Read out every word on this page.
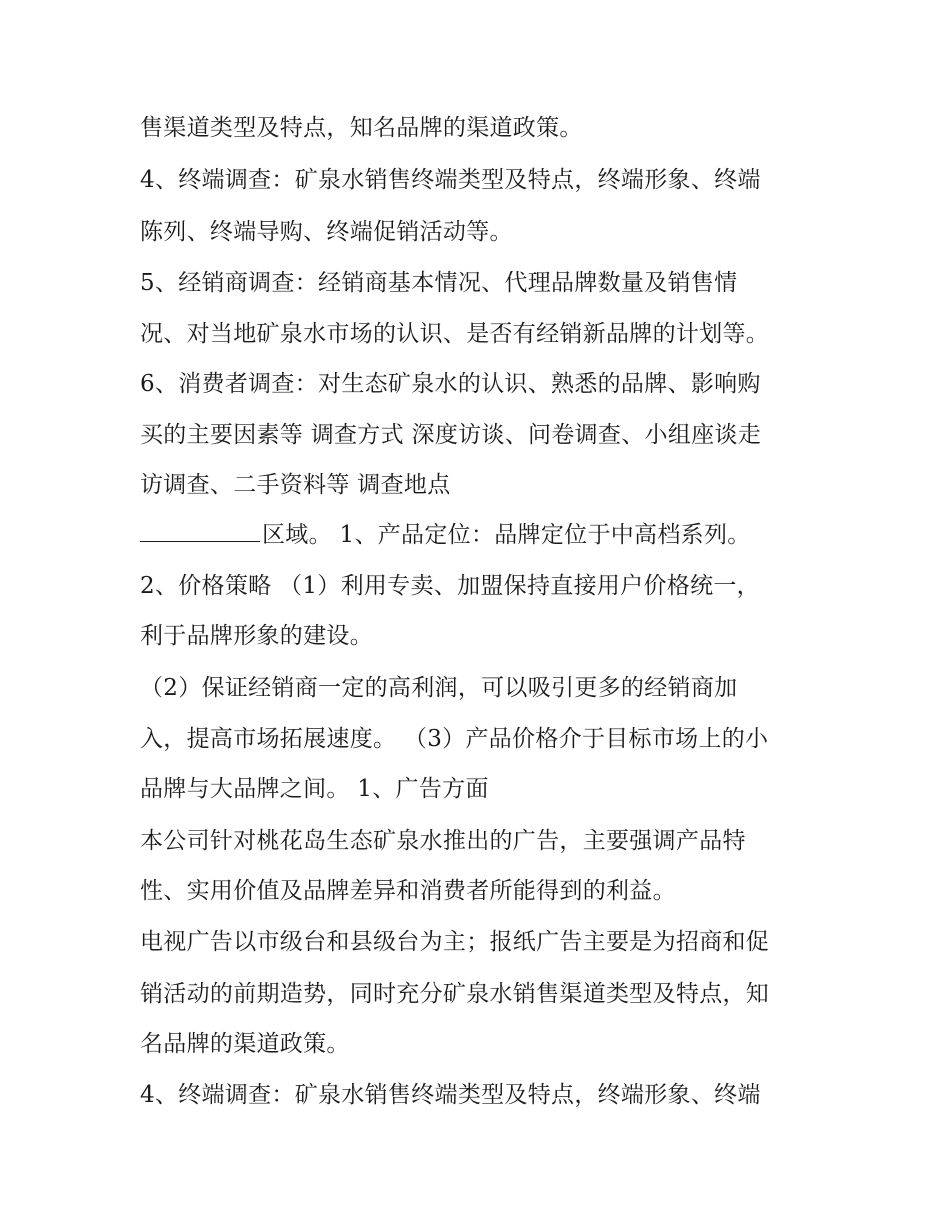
售渠道类型及特点，知名品牌的渠道政策。

4、终端调查：矿泉水销售终端类型及特点，终端形象、终端

陈列、终端导购、终端促销活动等。

5、经销商调查：经销商基本情况、代理品牌数量及销售情

况、对当地矿泉水市场的认识、是否有经销新品牌的计划等。

6、消费者调查：对生态矿泉水的认识、熟悉的品牌、影响购

买的主要因素等 调查方式 深度访谈、问卷调查、小组座谈走

访调查、二手资料等 调查地点

区域。 1、产品定位：品牌定位于中高档系列。

2、价格策略 （1）利用专卖、加盟保持直接用户价格统一，

利于品牌形象的建设。

（2）保证经销商一定的高利润，可以吸引更多的经销商加

入，提高市场拓展速度。 （3）产品价格介于目标市场上的小

品牌与大品牌之间。 1、广告方面

本公司针对桃花岛生态矿泉水推出的广告，主要强调产品特

性、实用价值及品牌差异和消费者所能得到的利益。

电视广告以市级台和县级台为主；报纸广告主要是为招商和促

销活动的前期造势，同时充分矿泉水销售渠道类型及特点，知

名品牌的渠道政策。

4、终端调查：矿泉水销售终端类型及特点，终端形象、终端
